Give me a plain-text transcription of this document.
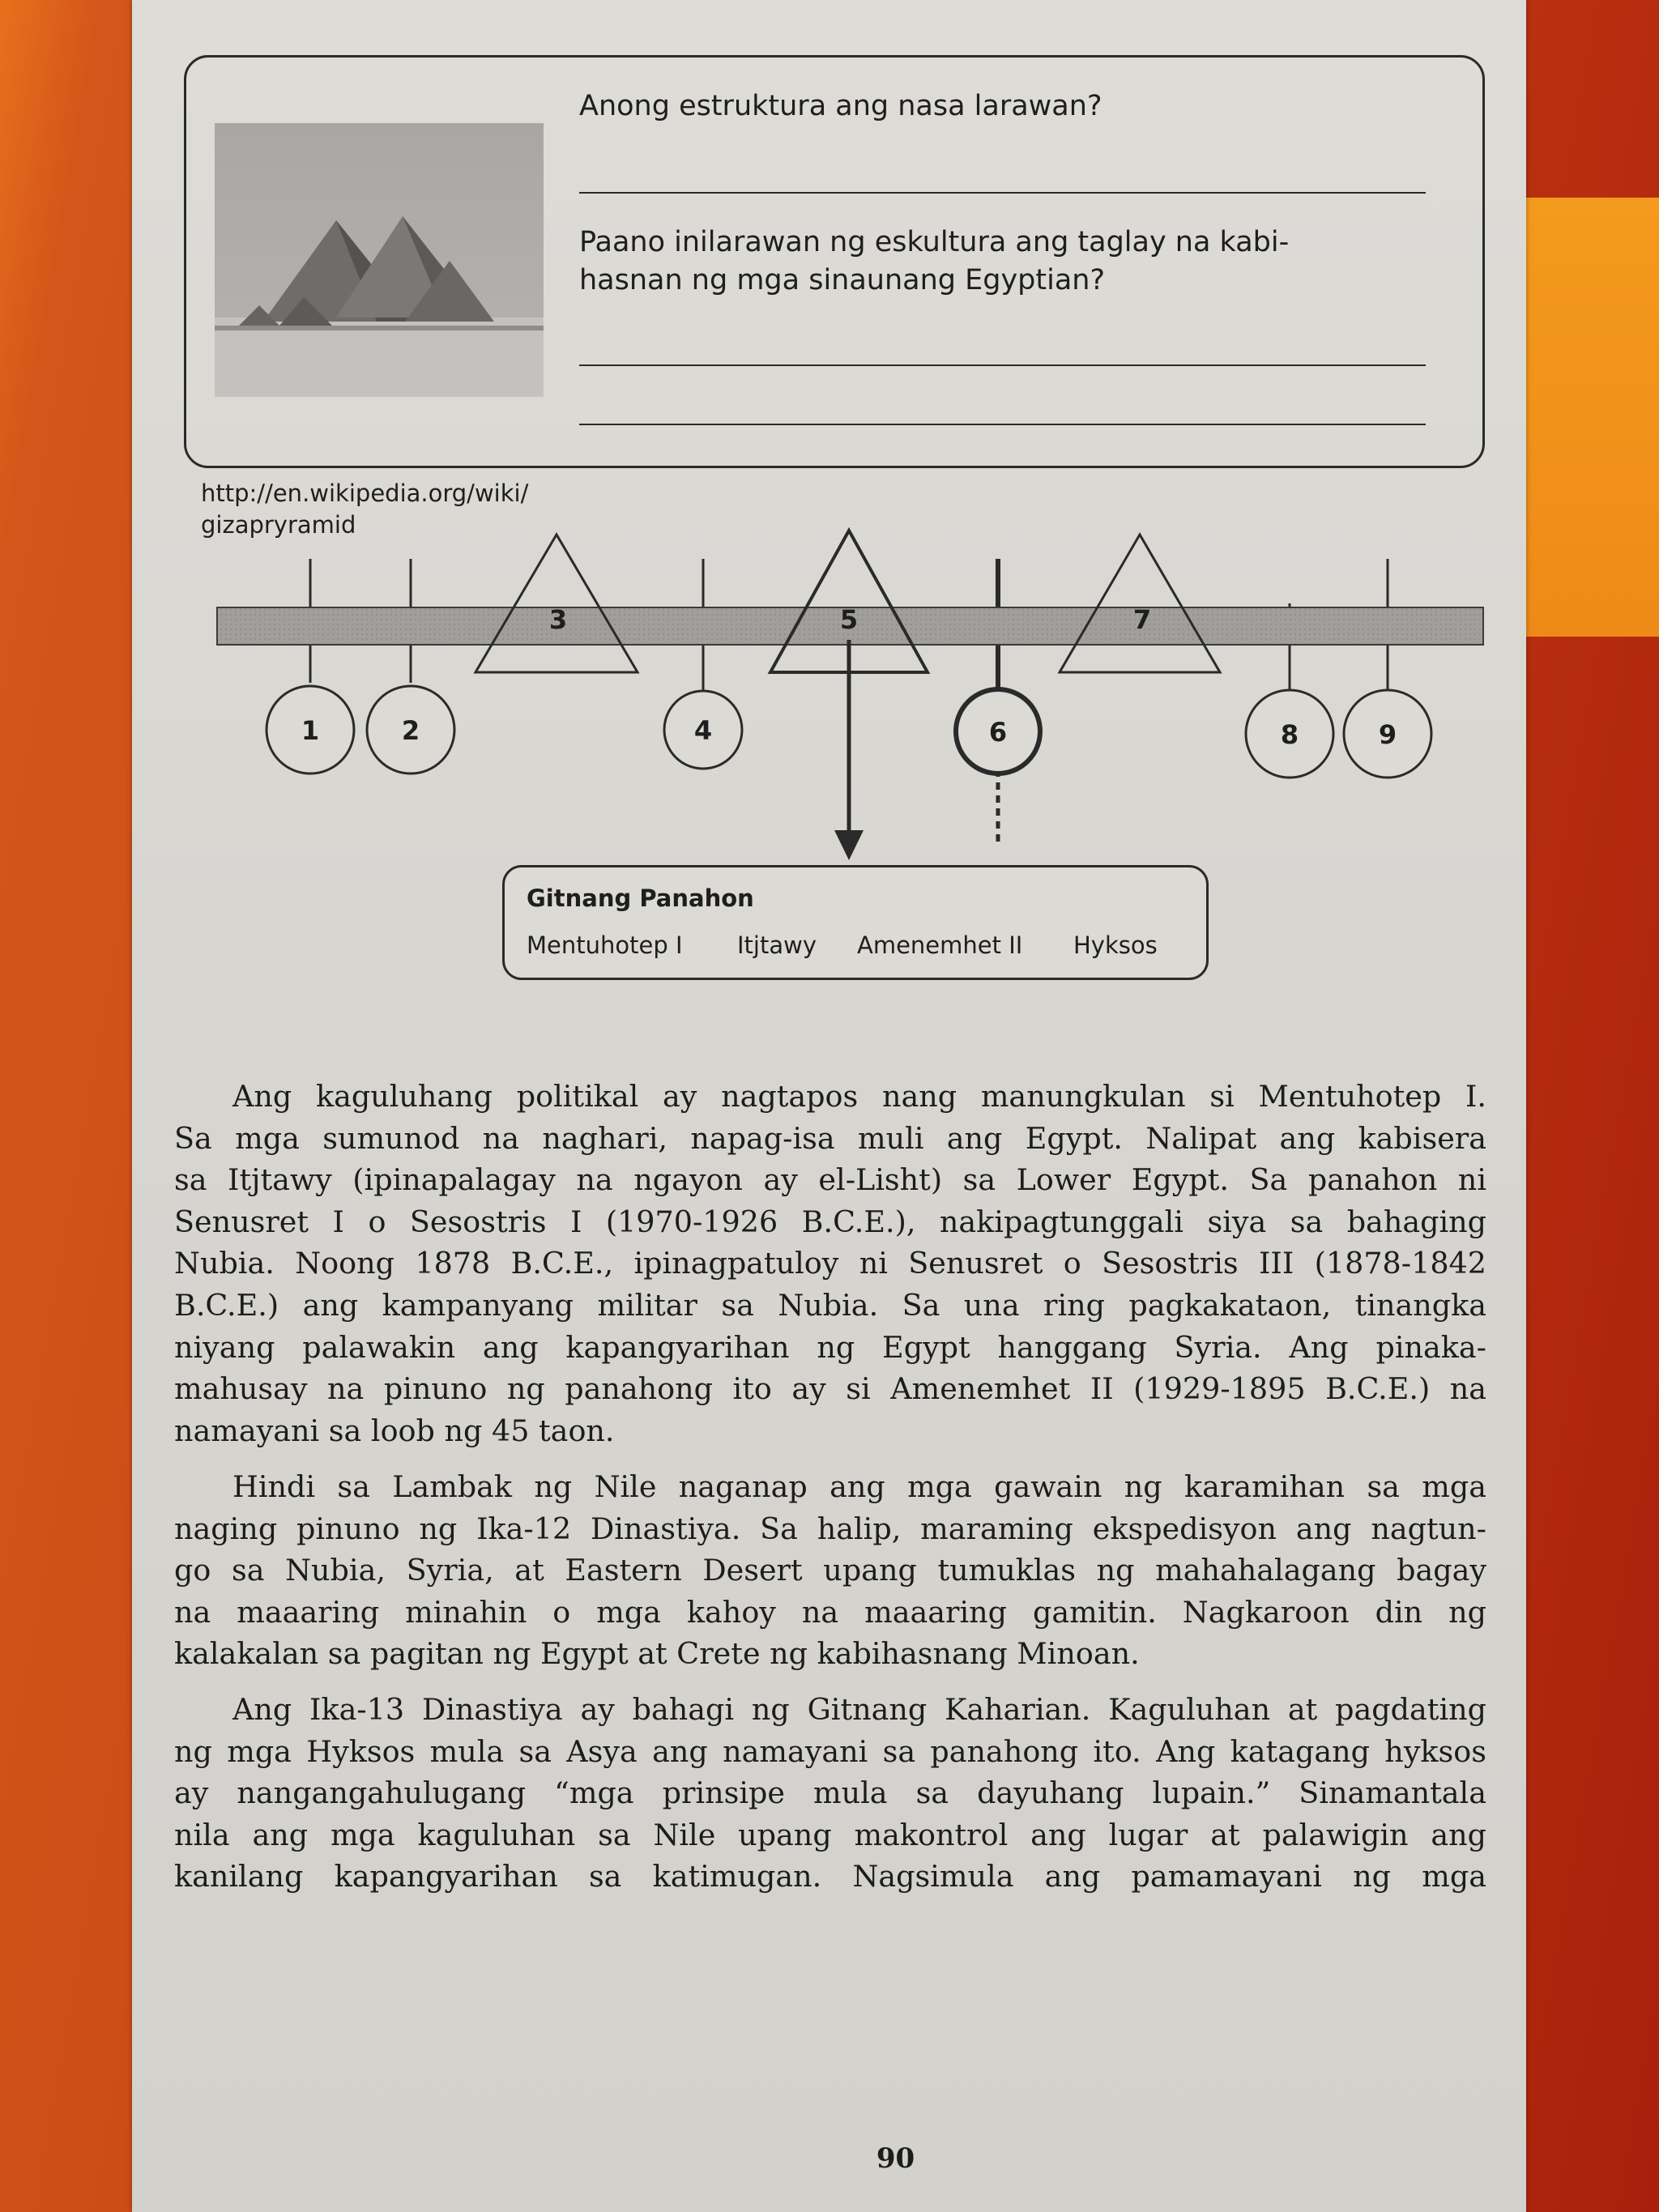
Anong estruktura ang nasa larawan?
Paano inilarawan ng eskultura ang taglay na kabi-
hasnan ng mga sinaunang Egyptian?
http://en.wikipedia.org/wiki/
gizapryramid
1	2
3
4
5
6
7
8	9
Gitnang Panahon
Mentuhotep I Itjtawy Amenemhet II Hyksos
Ang kaguluhang politikal ay nagtapos nang manungkulan si Mentuhotep I.
Sa mga sumunod na naghari, napag-isa muli ang Egypt. Nalipat ang kabisera
sa Itjtawy (ipinapalagay na ngayon ay el-Lisht) sa Lower Egypt. Sa panahon ni
Senusret I o Sesostris I (1970-1926 B.C.E.), nakipagtunggali siya sa bahaging
Nubia. Noong 1878 B.C.E., ipinagpatuloy ni Senusret o Sesostris III (1878-1842
B.C.E.) ang kampanyang militar sa Nubia. Sa una ring pagkakataon, tinangka
niyang palawakin ang kapangyarihan ng Egypt hanggang Syria. Ang pinaka-
mahusay na pinuno ng panahong ito ay si Amenemhet II (1929-1895 B.C.E.) na
namayani sa loob ng 45 taon.
Hindi sa Lambak ng Nile naganap ang mga gawain ng karamihan sa mga
naging pinuno ng Ika-12 Dinastiya. Sa halip, maraming ekspedisyon ang nagtun-
go sa Nubia, Syria, at Eastern Desert upang tumuklas ng mahahalagang bagay
na maaaring minahin o mga kahoy na maaaring gamitin. Nagkaroon din ng
kalakalan sa pagitan ng Egypt at Crete ng kabihasnang Minoan.
Ang Ika-13 Dinastiya ay bahagi ng Gitnang Kaharian. Kaguluhan at pagdating
ng mga Hyksos mula sa Asya ang namayani sa panahong ito. Ang katagang hyksos
ay nangangahulugang “mga prinsipe mula sa dayuhang lupain.” Sinamantala
nila ang mga kaguluhan sa Nile upang makontrol ang lugar at palawigin ang
kanilang kapangyarihan sa katimugan. Nagsimula ang pamamayani ng mga
90
